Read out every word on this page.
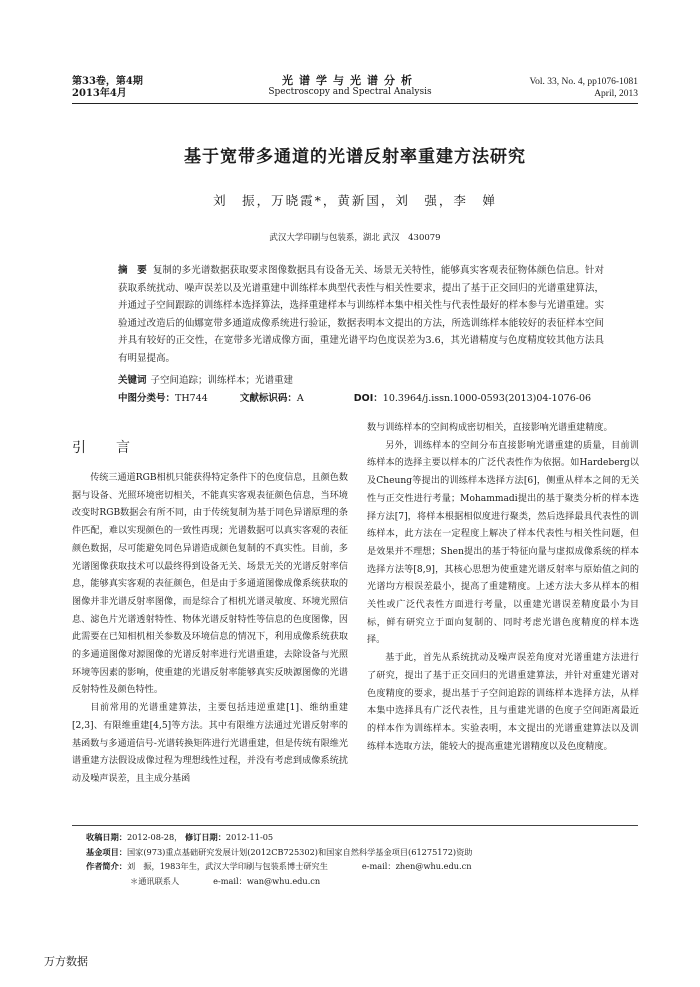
第33卷，第4期
2013年4月
光谱学与光谱分析
Spectroscopy and Spectral Analysis
Vol. 33, No. 4, pp1076-1081
April, 2013
基于宽带多通道的光谱反射率重建方法研究
刘　振，万晓霞*，黄新国，刘　强，李　婵
武汉大学印刷与包装系，湖北 武汉　430079
摘　要 复制的多光谱数据获取要求图像数据具有设备无关、场景无关特性，能够真实客观表征物体颜色信息。针对获取系统扰动、噪声误差以及光谱重建中训练样本典型代表性与相关性要求，提出了基于正交回归的光谱重建算法，并通过子空间跟踪的训练样本选择算法，选择重建样本与训练样本集中相关性与代表性最好的样本参与光谱重建。实验通过改造后的仙娜宽带多通道成像系统进行验证，数据表明本文提出的方法，所选训练样本能较好的表征样本空间并具有较好的正交性，在宽带多光谱成像方面，重建光谱平均色度误差为3.6，其光谱精度与色度精度较其他方法具有明显提高。
关键词 子空间追踪；训练样本；光谱重建
中图分类号：TH744	文献标识码：A	DOI：10.3964/j.issn.1000-0593(2013)04-1076-06
引　言

传统三通道RGB相机只能获得特定条件下的色度信息，且颜色数据与设备、光照环境密切相关，不能真实客观表征颜色信息，当环境改变时RGB数据会有所不同，由于传统复制为基于同色异谱原理的条件匹配，难以实现颜色的一致性再现；光谱数据可以真实客观的表征颜色数据，尽可能避免同色异谱造成颜色复制的不真实性。目前，多光谱图像获取技术可以最终得到设备无关、场景无关的光谱反射率信息，能够真实客观的表征颜色，但是由于多通道图像成像系统获取的图像并非光谱反射率图像，而是综合了相机光谱灵敏度、环境光照信息、滤色片光谱透射特性、物体光谱反射特性等信息的色度图像，因此需要在已知相机相关参数及环境信息的情况下，利用成像系统获取的多通道图像对源图像的光谱反射率进行光谱重建，去除设备与光照环境等因素的影响，使重建的光谱反射率能够真实反映源图像的光谱反射特性及颜色特性。

目前常用的光谱重建算法，主要包括违逆重建[1]、维纳重建[2,3]、有限维重建[4,5]等方法。其中有限维方法通过光谱反射率的基函数与多通道信号-光谱转换矩阵进行光谱重建，但是传统有限维光谱重建方法假设成像过程为理想线性过程，并没有考虑到成像系统扰动及噪声误差，且主成分基函

数与训练样本的空间构成密切相关，直接影响光谱重建精度。

另外，训练样本的空间分布直接影响光谱重建的质量，目前训练样本的选择主要以样本的广泛代表性作为依据。如Hardeberg以及Cheung等提出的训练样本选择方法[6]，侧重从样本之间的无关性与正交性进行考量；Mohammadi提出的基于聚类分析的样本选择方法[7]，将样本根据相似度进行聚类，然后选择最具代表性的训练样本，此方法在一定程度上解决了样本代表性与相关性问题，但是效果并不理想；Shen提出的基于特征向量与虚拟成像系统的样本选择方法等[8,9]，其核心思想为使重建光谱反射率与原始值之间的光谱均方根误差最小，提高了重建精度。上述方法大多从样本的相关性或广泛代表性方面进行考量，以重建光谱误差精度最小为目标，鲜有研究立于面向复制的、同时考虑光谱色度精度的样本选择。

基于此，首先从系统扰动及噪声误差角度对光谱重建方法进行了研究，提出了基于正交回归的光谱重建算法，并针对重建光谱对色度精度的要求，提出基于子空间追踪的训练样本选择方法，从样本集中选择具有广泛代表性，且与重建光谱的色度子空间距离最近的样本作为训练样本。实验表明，本文提出的光谱重建算法以及训练样本选取方法，能较大的提高重建光谱精度以及色度精度。

收稿日期：2012-08-28， 修订日期：2012-11-05
基金项目：国家(973)重点基础研究发展计划(2012CB725302)和国家自然科学基金项目(61275172)资助
作者简介：刘　振，1983年生，武汉大学印刷与包装系博士研究生	e-mail：zhen@whu.edu.cn
＊通讯联系人	e-mail：wan@whu.edu.cn
万方数据
